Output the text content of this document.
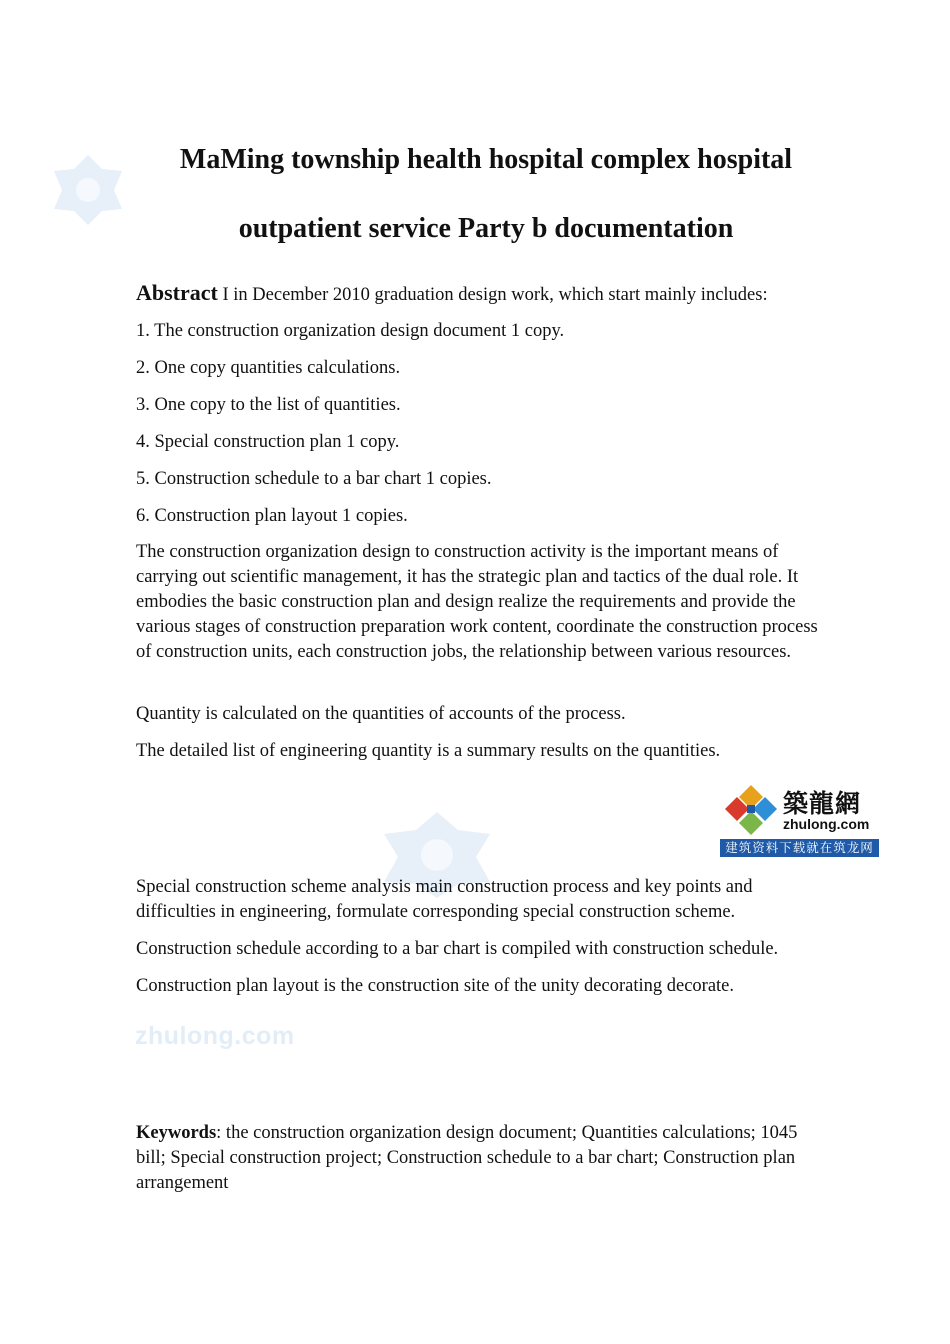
zhulong.com
MaMing township health hospital complex hospital
outpatient service Party b documentation

Abstract I in December 2010 graduation design work, which start mainly includes:

1. The construction organization design document 1 copy.

2. One copy quantities calculations.

3. One copy to the list of quantities.

4. Special construction plan 1 copy.

5. Construction schedule to a bar chart 1 copies.

6. Construction plan layout 1 copies.

The construction organization design to construction activity is the important means of carrying out scientific management, it has the strategic plan and tactics of the dual role. It embodies the basic construction plan and design realize the requirements and provide the various stages of construction preparation work content, coordinate the construction process of construction units, each construction jobs, the relationship between various resources.

Quantity is calculated on the quantities of accounts of the process.

The detailed list of engineering quantity is a summary results on the quantities.

築龍網
zhulong.com
建筑资料下载就在筑龙网

Special construction scheme analysis main construction process and key points and difficulties in engineering, formulate corresponding special construction scheme.

Construction schedule according to a bar chart is compiled with construction schedule.

Construction plan layout is the construction site of the unity decorating decorate.

Keywords: the construction organization design document; Quantities calculations; 1045 bill; Special construction project; Construction schedule to a bar chart; Construction plan arrangement
